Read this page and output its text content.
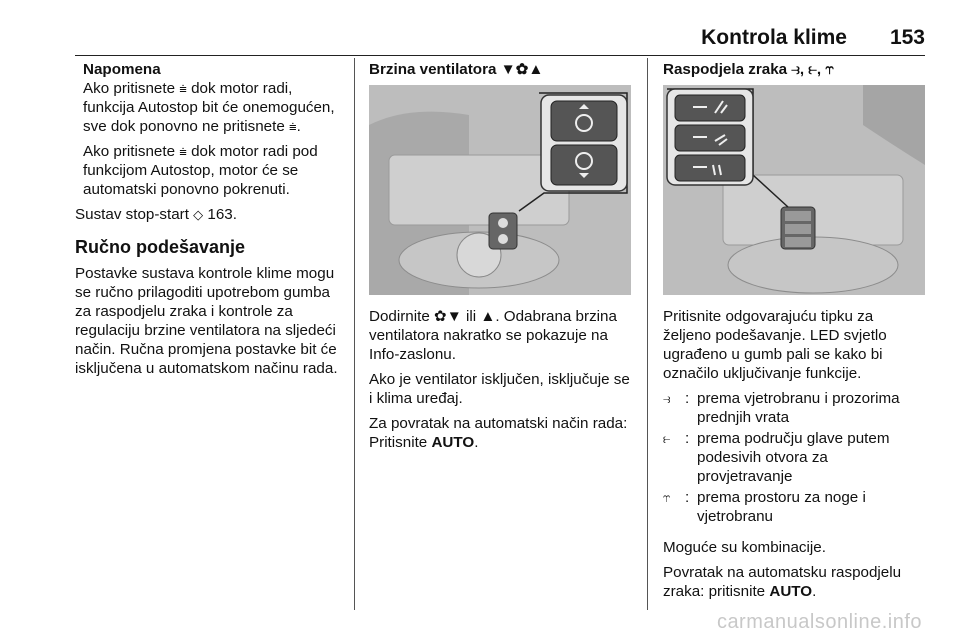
Kontrola klime 153
Napomena

Ako pritisnete ⩧ dok motor radi, funkcija Autostop bit će onemogućen, sve dok ponovno ne pritisnete ⩧.

Ako pritisnete ⩧ dok motor radi pod funkcijom Autostop, motor će se automatski ponovno pokrenuti.

Sustav stop-start ◇ 163.

Ručno podešavanje

Postavke sustava kontrole klime mogu se ručno prilagoditi upotrebom gumba za raspodjelu zraka i kontrole za regulaciju brzine ventilatora na sljedeći način. Ručna promjena postavke bit će isključena u automatskom načinu rada.

Brzina ventilatora ▼✿▲

Dodirnite ✿▼ ili ▲. Odabrana brzina ventilatora nakratko se pokazuje na Info-zaslonu.

Ako je ventilator isključen, isključuje se i klima uređaj.

Za povratak na automatski način rada: Pritisnite AUTO.

Raspodjela zraka ⥽, ⥼, ⥾

Pritisnite odgovarajuću tipku za željeno podešavanje. LED svjetlo ugrađeno u gumb pali se kako bi označilo uključivanje funkcije.

⥽ : prema vjetrobranu i prozorima prednjih vrata
⥼ : prema području glave putem podesivih otvora za provjetravanje
⥾ : prema prostoru za noge i vjetrobranu

Moguće su kombinacije.

Povratak na automatsku raspodjelu zraka: pritisnite AUTO.

carmanualsonline.info
